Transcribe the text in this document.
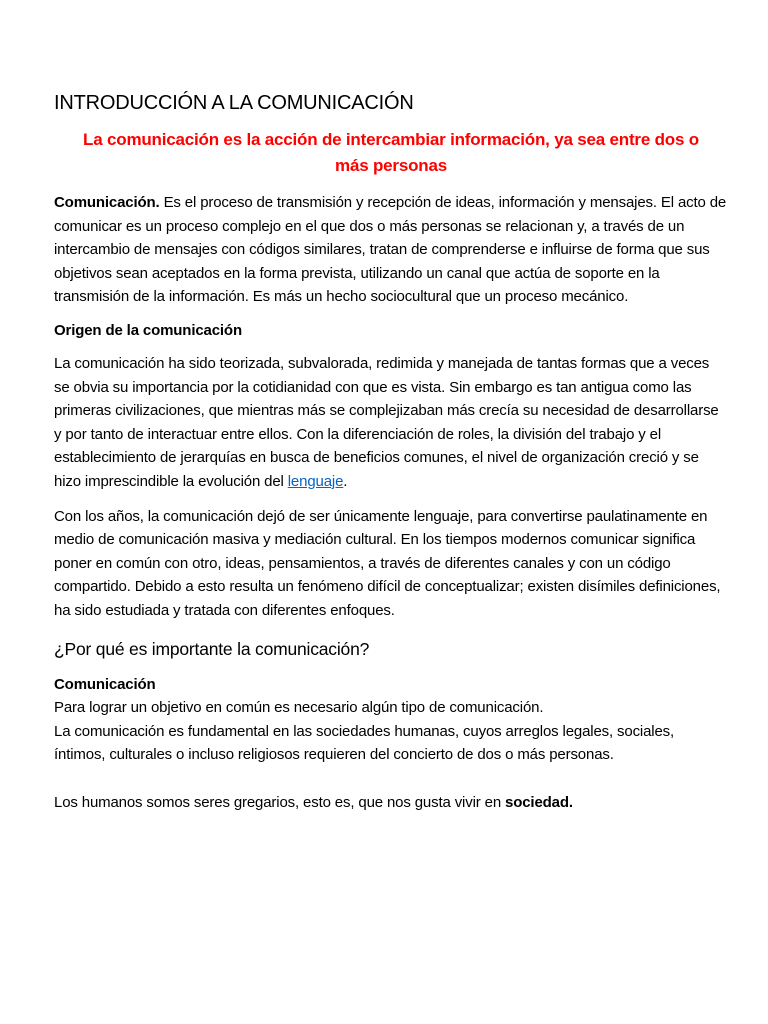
INTRODUCCIÓN A LA COMUNICACIÓN
La comunicación es la acción de intercambiar información, ya sea entre dos o
más personas

Comunicación. Es el proceso de transmisión y recepción de ideas, información y mensajes. El acto de comunicar es un proceso complejo en el que dos o más personas se relacionan y, a través de un intercambio de mensajes con códigos similares, tratan de comprenderse e influirse de forma que sus objetivos sean aceptados en la forma prevista, utilizando un canal que actúa de soporte en la transmisión de la información. Es más un hecho sociocultural que un proceso mecánico.

Origen de la comunicación

La comunicación ha sido teorizada, subvalorada, redimida y manejada de tantas formas que a veces se obvia su importancia por la cotidianidad con que es vista. Sin embargo es tan antigua como las primeras civilizaciones, que mientras más se complejizaban más crecía su necesidad de desarrollarse y por tanto de interactuar entre ellos. Con la diferenciación de roles, la división del trabajo y el establecimiento de jerarquías en busca de beneficios comunes, el nivel de organización creció y se hizo imprescindible la evolución del lenguaje.

Con los años, la comunicación dejó de ser únicamente lenguaje, para convertirse paulatinamente en medio de comunicación masiva y mediación cultural. En los tiempos modernos comunicar significa poner en común con otro, ideas, pensamientos, a través de diferentes canales y con un código compartido. Debido a esto resulta un fenómeno difícil de conceptualizar; existen disímiles definiciones, ha sido estudiada y tratada con diferentes enfoques.

¿Por qué es importante la comunicación?
Comunicación
Para lograr un objetivo en común es necesario algún tipo de comunicación.
La comunicación es fundamental en las sociedades humanas, cuyos arreglos legales, sociales, íntimos, culturales o incluso religiosos requieren del concierto de dos o más personas.
Los humanos somos seres gregarios, esto es, que nos gusta vivir en sociedad.
